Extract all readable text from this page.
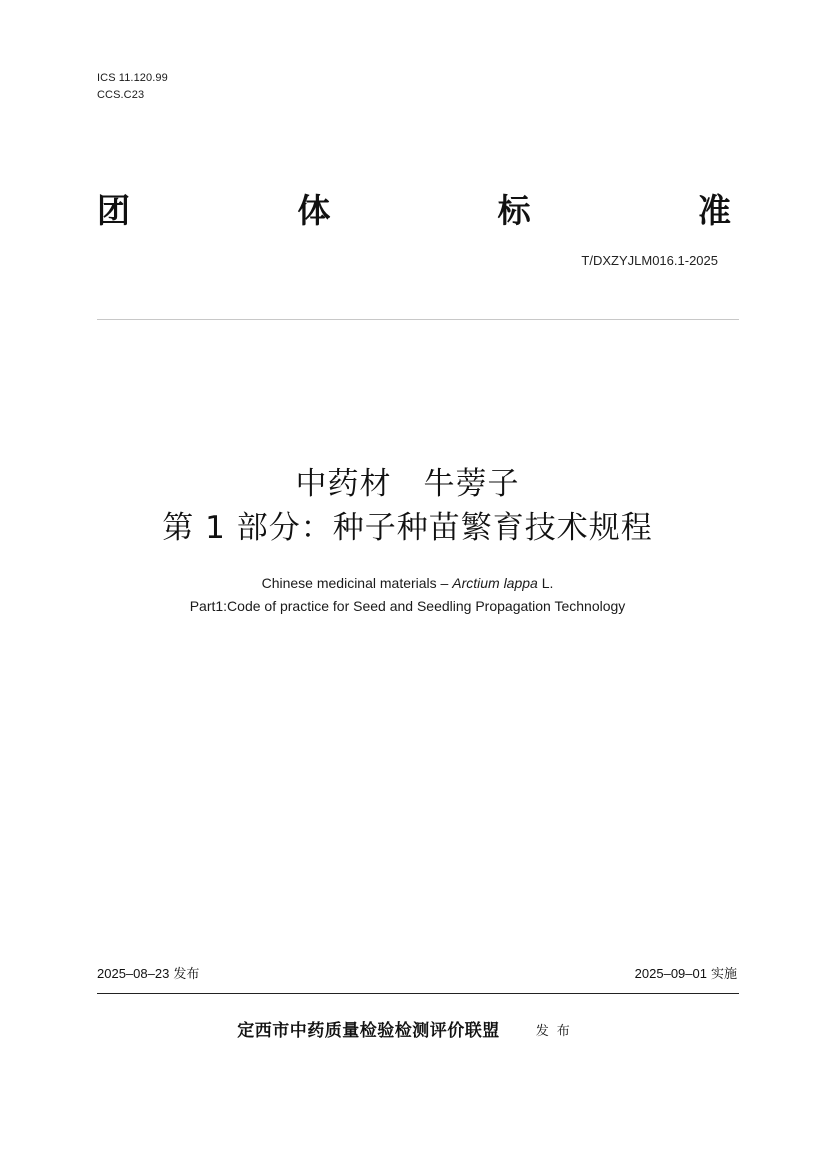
ICS 11.120.99
CCS.C23
团	体	标	准
T/DXZYJLM016.1-2025
中药材　牛蒡子
第 1 部分：种子种苗繁育技术规程
Chinese medicinal materials – Arctium lappa L.
Part1:Code of practice for Seed and Seedling Propagation Technology
2025–08–23 发布	2025–09–01 实施
定西市中药质量检验检测评价联盟	发布
